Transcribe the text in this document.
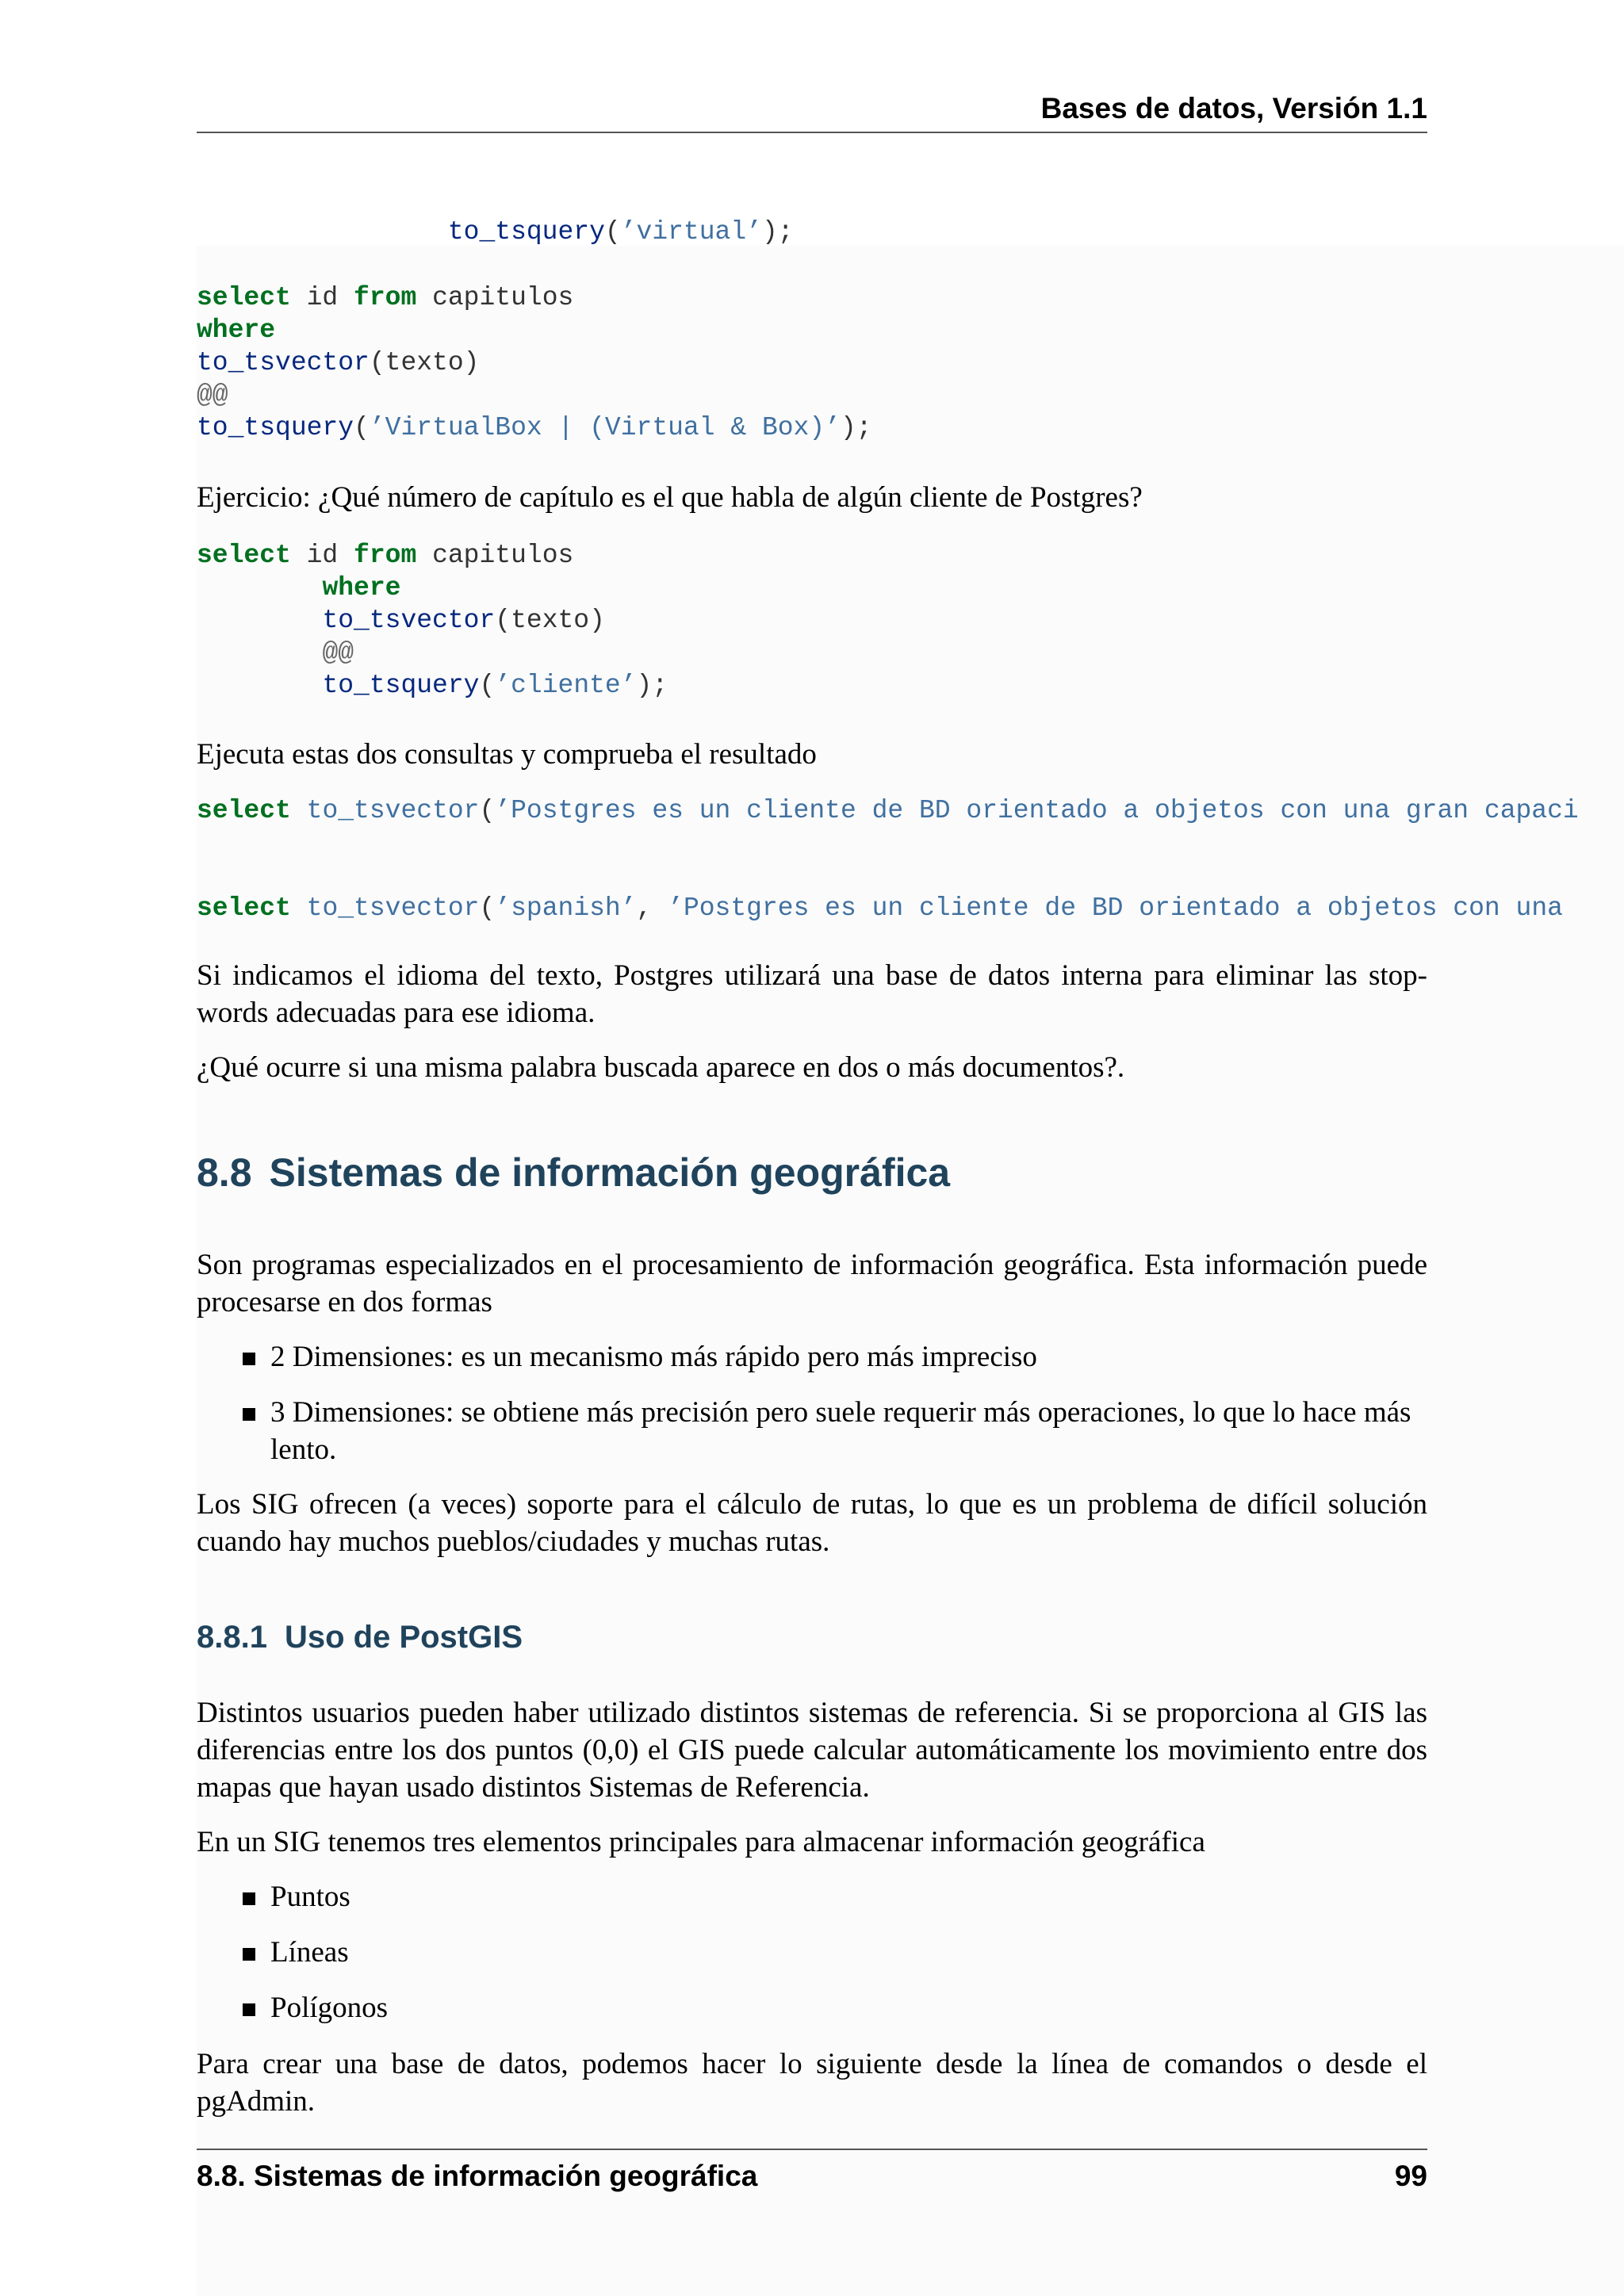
Bases de datos, Versión 1.1
to_tsquery(’virtual’);
select id from capitulos
where
to_tsvector(texto)
@@
to_tsquery(’VirtualBox | (Virtual & Box)’);

Ejercicio: ¿Qué número de capítulo es el que habla de algún cliente de Postgres?

select id from capitulos
where
to_tsvector(texto)
@@
to_tsquery(’cliente’);

Ejecuta estas dos consultas y comprueba el resultado

select to_tsvector(’Postgres es un cliente de BD orientado a objetos con una gran capaci
select to_tsvector(’spanish’, ’Postgres es un cliente de BD orientado a objetos con una

Si indicamos el idioma del texto, Postgres utilizará una base de datos interna para eliminar las stop-words adecuadas para ese idioma.

¿Qué ocurre si una misma palabra buscada aparece en dos o más documentos?.

8.8 Sistemas de información geográfica

Son programas especializados en el procesamiento de información geográfica. Esta información puede procesarse en dos formas

2 Dimensiones: es un mecanismo más rápido pero más impreciso

3 Dimensiones: se obtiene más precisión pero suele requerir más operaciones, lo que lo hace más lento.

Los SIG ofrecen (a veces) soporte para el cálculo de rutas, lo que es un problema de difícil solución cuando hay muchos pueblos/ciudades y muchas rutas.

8.8.1 Uso de PostGIS

Distintos usuarios pueden haber utilizado distintos sistemas de referencia. Si se proporciona al GIS las diferencias entre los dos puntos (0,0) el GIS puede calcular automáticamente los movimiento entre dos mapas que hayan usado distintos Sistemas de Referencia.

En un SIG tenemos tres elementos principales para almacenar información geográfica

Puntos

Líneas

Polígonos

Para crear una base de datos, podemos hacer lo siguiente desde la línea de comandos o desde el pgAdmin.

8.8. Sistemas de información geográfica	99
